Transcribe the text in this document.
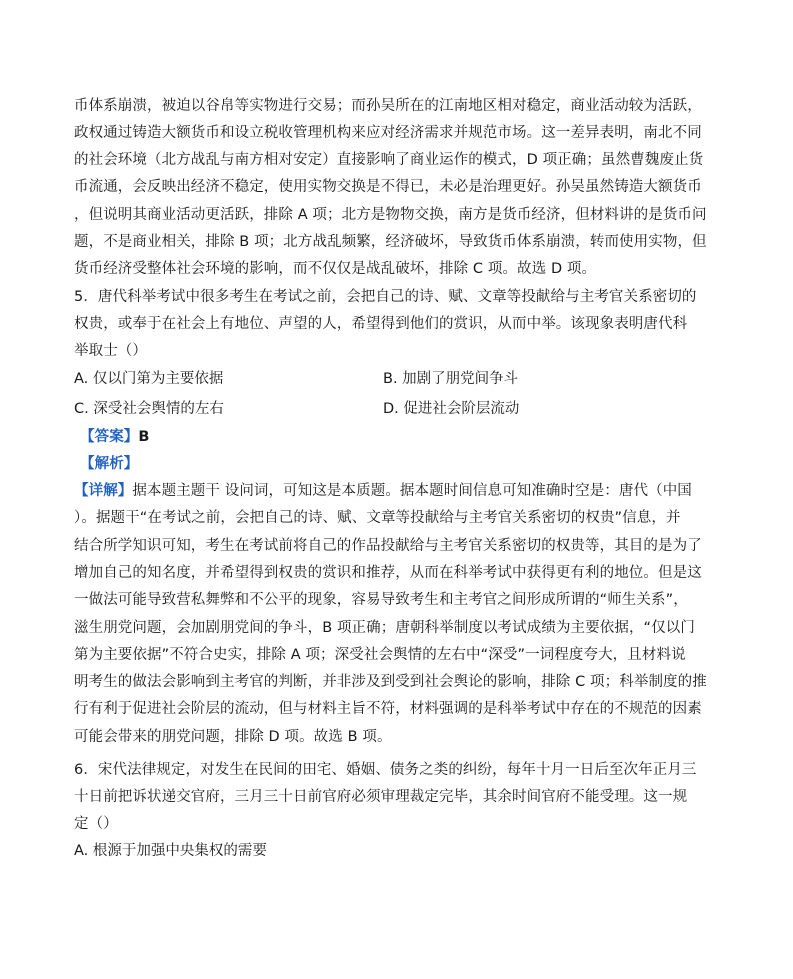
币体系崩溃，被迫以谷帛等实物进行交易；而孙吴所在的江南地区相对稳定，商业活动较为活跃，
政权通过铸造大额货币和设立税收管理机构来应对经济需求并规范市场。这一差异表明，南北不同
的社会环境（北方战乱与南方相对安定）直接影响了商业运作的模式，D 项正确；虽然曹魏废止货
币流通，会反映出经济不稳定，使用实物交换是不得已，未必是治理更好。孙吴虽然铸造大额货币
，但说明其商业活动更活跃，排除 A 项；北方是物物交换，南方是货币经济，但材料讲的是货币问
题，不是商业相关，排除 B 项；北方战乱频繁，经济破坏，导致货币体系崩溃，转而使用实物，但
货币经济受整体社会环境的影响，而不仅仅是战乱破坏，排除 C 项。故选 D 项。
5．唐代科举考试中很多考生在考试之前，会把自己的诗、赋、文章等投献给与主考官关系密切的
权贵，或奉于在社会上有地位、声望的人，希望得到他们的赏识，从而中举。该现象表明唐代科
举取士（）
A. 仅以门第为主要依据	B. 加剧了朋党间争斗
C. 深受社会舆情的左右	D. 促进社会阶层流动
【答案】B
【解析】
【详解】据本题主题干 设问词，可知这是本质题。据本题时间信息可知准确时空是：唐代（中国
）。据题干“在考试之前，会把自己的诗、赋、文章等投献给与主考官关系密切的权贵”信息，并
结合所学知识可知，考生在考试前将自己的作品投献给与主考官关系密切的权贵等，其目的是为了
增加自己的知名度，并希望得到权贵的赏识和推荐，从而在科举考试中获得更有利的地位。但是这
一做法可能导致营私舞弊和不公平的现象，容易导致考生和主考官之间形成所谓的“师生关系”，
滋生朋党问题，会加剧朋党间的争斗，B 项正确；唐朝科举制度以考试成绩为主要依据，“仅以门
第为主要依据”不符合史实，排除 A 项；深受社会舆情的左右中“深受”一词程度夸大，且材料说
明考生的做法会影响到主考官的判断，并非涉及到受到社会舆论的影响，排除 C 项；科举制度的推
行有利于促进社会阶层的流动，但与材料主旨不符，材料强调的是科举考试中存在的不规范的因素
可能会带来的朋党问题，排除 D 项。故选 B 项。
6．宋代法律规定，对发生在民间的田宅、婚姻、债务之类的纠纷，每年十月一日后至次年正月三
十日前把诉状递交官府，三月三十日前官府必须审理裁定完毕，其余时间官府不能受理。这一规
定（）
A. 根源于加强中央集权的需要
